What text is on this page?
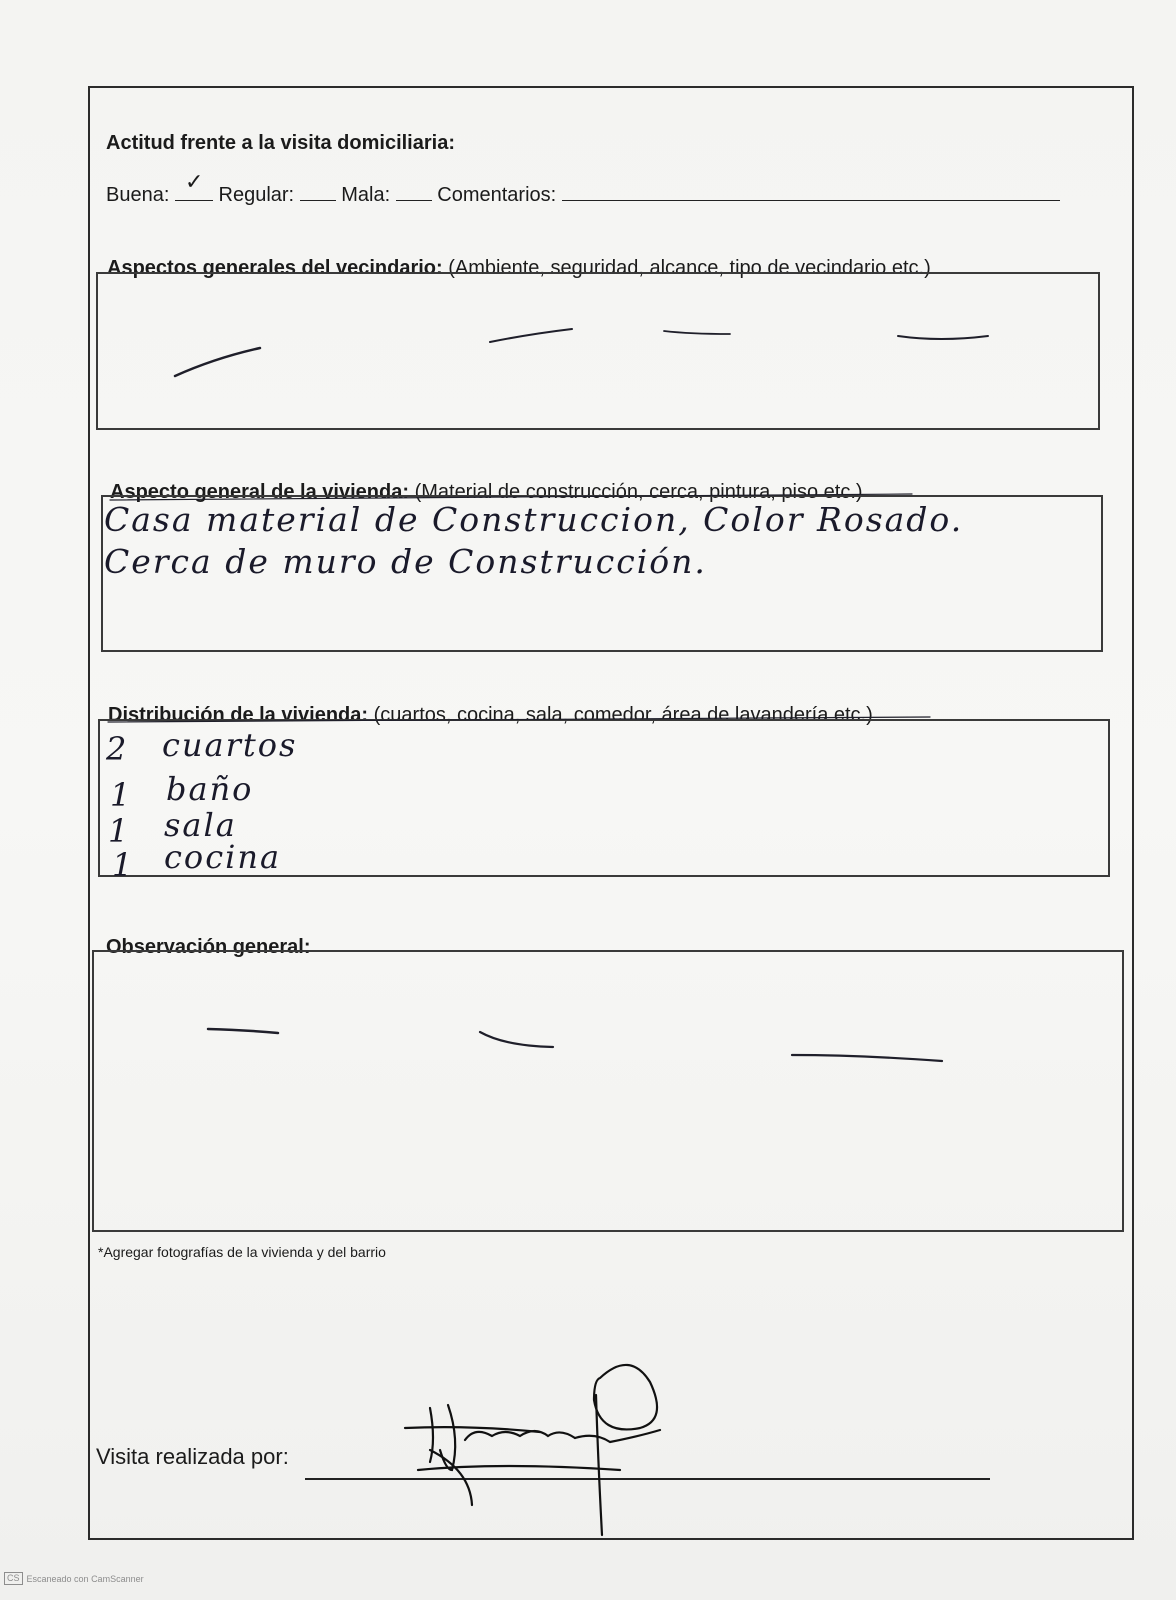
Actitud frente a la visita domiciliaria:
Buena: ✓ Regular: Mala: Comentarios:
Aspectos generales del vecindario: (Ambiente, seguridad, alcance, tipo de vecindario etc.)
Aspecto general de la vivienda: (Material de construcción, cerca, pintura, piso etc.)
Casa material de Construccion, Color Rosado.
Cerca de muro de Construcción.
Distribución de la vivienda: (cuartos, cocina, sala, comedor, área de lavandería etc.)
2 cuartos
1 baño
1 sala
1 cocina
Observación general:
*Agregar fotografías de la vivienda y del barrio
Visita realizada por:
CS Escaneado con CamScanner
